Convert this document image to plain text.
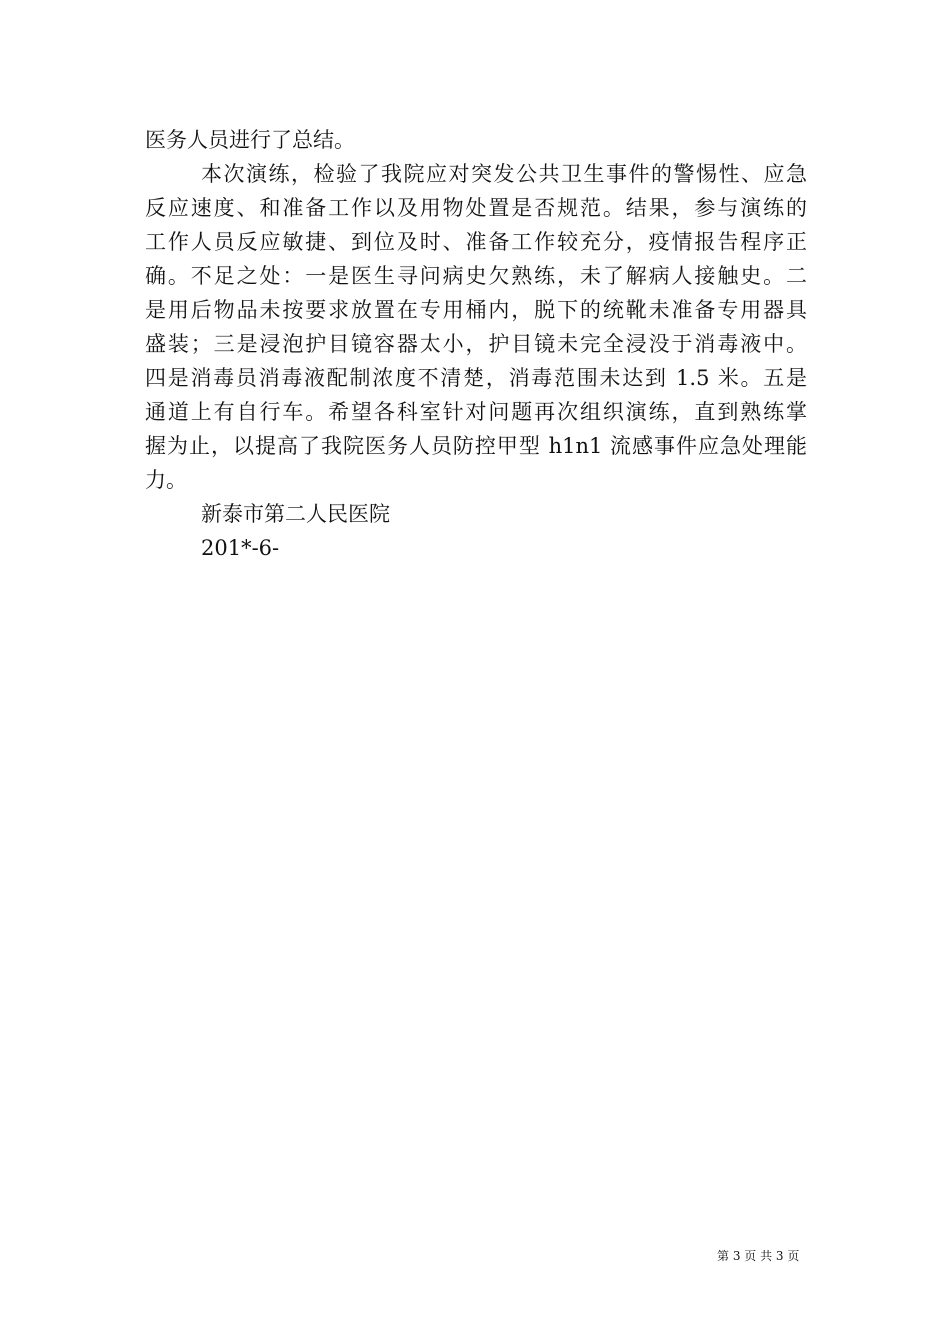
医务人员进行了总结。
本次演练，检验了我院应对突发公共卫生事件的警惕性、应急
反应速度、和准备工作以及用物处置是否规范。结果，参与演练的
工作人员反应敏捷、到位及时、准备工作较充分，疫情报告程序正
确。不足之处：一是医生寻问病史欠熟练，未了解病人接触史。二
是用后物品未按要求放置在专用桶内，脱下的统靴未准备专用器具
盛装；三是浸泡护目镜容器太小，护目镜未完全浸没于消毒液中。
四是消毒员消毒液配制浓度不清楚，消毒范围未达到 1.5 米。五是
通道上有自行车。希望各科室针对问题再次组织演练，直到熟练掌
握为止，以提高了我院医务人员防控甲型 h1n1 流感事件应急处理能
力。
新泰市第二人民医院
201*-6-
第 3 页 共 3 页
